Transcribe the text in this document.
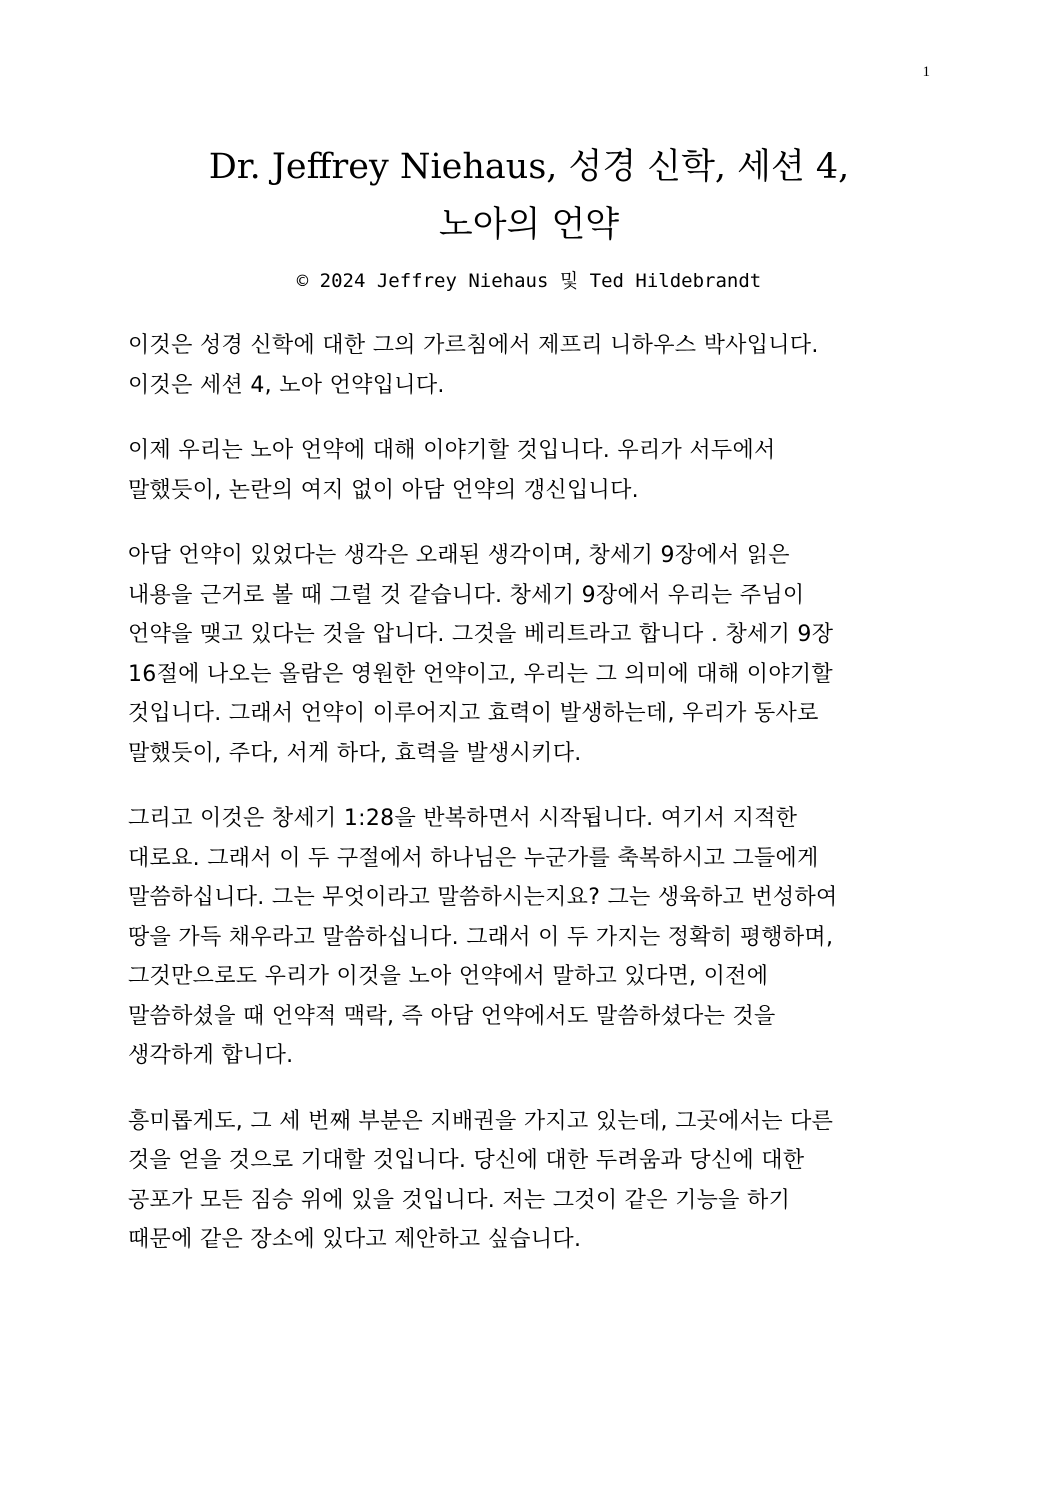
1
Dr. Jeffrey Niehaus, 성경 신학, 세션 4,
노아의 언약
© 2024 Jeffrey Niehaus 및 Ted Hildebrandt

이것은 성경 신학에 대한 그의 가르침에서 제프리 니하우스 박사입니다.
이것은 세션 4, 노아 언약입니다.

이제 우리는 노아 언약에 대해 이야기할 것입니다. 우리가 서두에서
말했듯이, 논란의 여지 없이 아담 언약의 갱신입니다.

아담 언약이 있었다는 생각은 오래된 생각이며, 창세기 9장에서 읽은
내용을 근거로 볼 때 그럴 것 같습니다. 창세기 9장에서 우리는 주님이
언약을 맺고 있다는 것을 압니다. 그것을 베리트라고 합니다 . 창세기 9장
16절에 나오는 올람은 영원한 언약이고, 우리는 그 의미에 대해 이야기할
것입니다. 그래서 언약이 이루어지고 효력이 발생하는데, 우리가 동사로
말했듯이, 주다, 서게 하다, 효력을 발생시키다.

그리고 이것은 창세기 1:28을 반복하면서 시작됩니다. 여기서 지적한
대로요. 그래서 이 두 구절에서 하나님은 누군가를 축복하시고 그들에게
말씀하십니다. 그는 무엇이라고 말씀하시는지요? 그는 생육하고 번성하여
땅을 가득 채우라고 말씀하십니다. 그래서 이 두 가지는 정확히 평행하며,
그것만으로도 우리가 이것을 노아 언약에서 말하고 있다면, 이전에
말씀하셨을 때 언약적 맥락, 즉 아담 언약에서도 말씀하셨다는 것을
생각하게 합니다.

흥미롭게도, 그 세 번째 부분은 지배권을 가지고 있는데, 그곳에서는 다른
것을 얻을 것으로 기대할 것입니다. 당신에 대한 두려움과 당신에 대한
공포가 모든 짐승 위에 있을 것입니다. 저는 그것이 같은 기능을 하기
때문에 같은 장소에 있다고 제안하고 싶습니다.
